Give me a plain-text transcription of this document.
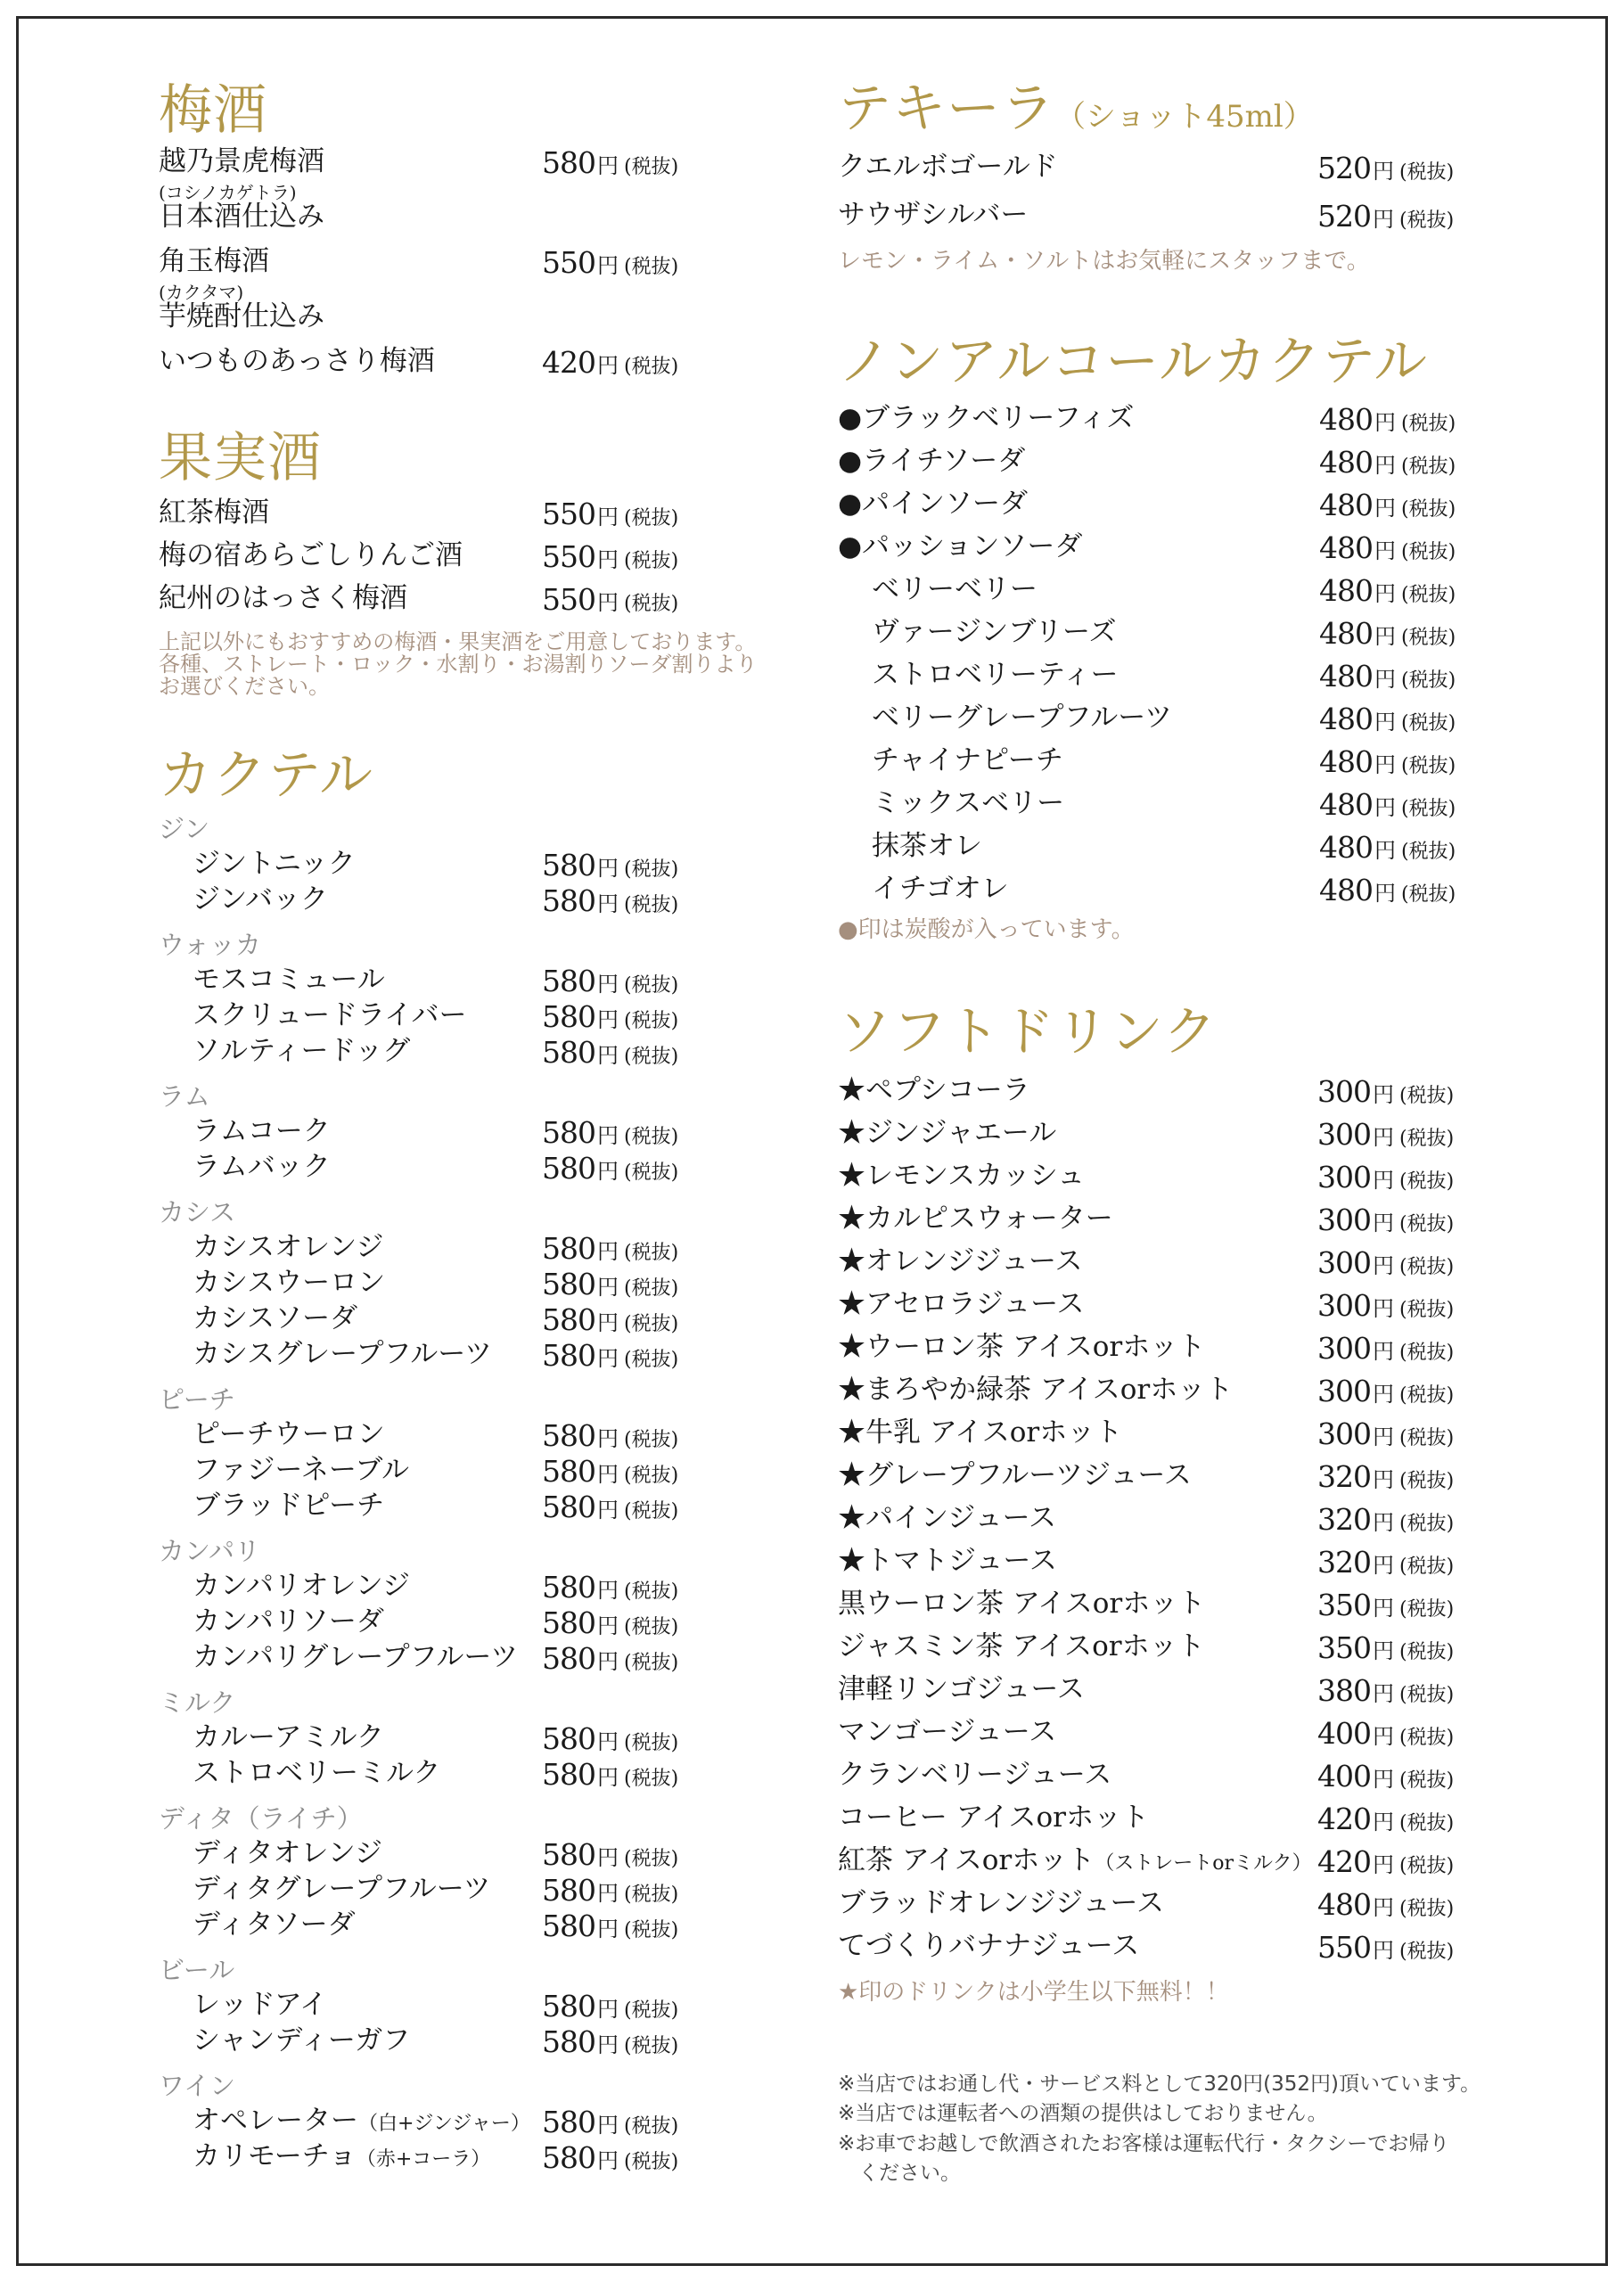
梅酒
越乃景虎梅酒	580円 (税抜)
(コシノカゲトラ)
日本酒仕込み
角玉梅酒	550円 (税抜)
(カクタマ)
芋焼酎仕込み
いつものあっさり梅酒	420円 (税抜)
果実酒
紅茶梅酒	550円 (税抜)
梅の宿あらごしりんご酒	550円 (税抜)
紀州のはっさく梅酒	550円 (税抜)
上記以外にもおすすめの梅酒・果実酒をご用意しております。
各種、ストレート・ロック・水割り・お湯割りソーダ割りより
お選びください。
カクテル
ジン
ジントニック	580円 (税抜)
ジンバック	580円 (税抜)
ウォッカ
モスコミュール	580円 (税抜)
スクリュードライバー	580円 (税抜)
ソルティードッグ	580円 (税抜)
ラム
ラムコーク	580円 (税抜)
ラムバック	580円 (税抜)
カシス
カシスオレンジ	580円 (税抜)
カシスウーロン	580円 (税抜)
カシスソーダ	580円 (税抜)
カシスグレープフルーツ 580円 (税抜)
ピーチ
ピーチウーロン	580円 (税抜)
ファジーネーブル	580円 (税抜)
ブラッドピーチ	580円 (税抜)
カンパリ
カンパリオレンジ	580円 (税抜)
カンパリソーダ	580円 (税抜)
カンパリグレープフルーツ 580円 (税抜)
ミルク
カルーアミルク	580円 (税抜)
ストロベリーミルク	580円 (税抜)
ディタ（ライチ）
ディタオレンジ	580円 (税抜)
ディタグレープフルーツ 580円 (税抜)
ディタソーダ	580円 (税抜)
ビール
レッドアイ	580円 (税抜)
シャンディーガフ	580円 (税抜)
ワイン
オペレーター（白+ジンジャー） 580円 (税抜)
カリモーチョ（赤+コーラ） 580円 (税抜)
テキーラ（ショット45ml）
クエルボゴールド	520円 (税抜)
サウザシルバー	520円 (税抜)
レモン・ライム・ソルトはお気軽にスタッフまで。
ノンアルコールカクテル
●ブラックベリーフィズ	480円 (税抜)
●ライチソーダ	480円 (税抜)
●パインソーダ	480円 (税抜)
●パッションソーダ	480円 (税抜)
ベリーベリー	480円 (税抜)
ヴァージンブリーズ	480円 (税抜)
ストロベリーティー	480円 (税抜)
ベリーグレープフルーツ	480円 (税抜)
チャイナピーチ	480円 (税抜)
ミックスベリー	480円 (税抜)
抹茶オレ	480円 (税抜)
イチゴオレ	480円 (税抜)
●印は炭酸が入っています。
ソフトドリンク
★ペプシコーラ	300円 (税抜)
★ジンジャエール	300円 (税抜)
★レモンスカッシュ	300円 (税抜)
★カルピスウォーター	300円 (税抜)
★オレンジジュース	300円 (税抜)
★アセロラジュース	300円 (税抜)
★ウーロン茶 アイスorホット	300円 (税抜)
★まろやか緑茶 アイスorホット	300円 (税抜)
★牛乳 アイスorホット	300円 (税抜)
★グレープフルーツジュース	320円 (税抜)
★パインジュース	320円 (税抜)
★トマトジュース	320円 (税抜)
黒ウーロン茶 アイスorホット	350円 (税抜)
ジャスミン茶 アイスorホット	350円 (税抜)
津軽リンゴジュース	380円 (税抜)
マンゴージュース	400円 (税抜)
クランベリージュース	400円 (税抜)
コーヒー アイスorホット	420円 (税抜)
紅茶 アイスorホット（ストレートorミルク） 420円 (税抜)
ブラッドオレンジジュース	480円 (税抜)
てづくりバナナジュース	550円 (税抜)
★印のドリンクは小学生以下無料！！
※当店ではお通し代・サービス料として320円(352円)頂いています。
※当店では運転者への酒類の提供はしておりません。
※お車でお越しで飲酒されたお客様は運転代行・タクシーでお帰り
　ください。
